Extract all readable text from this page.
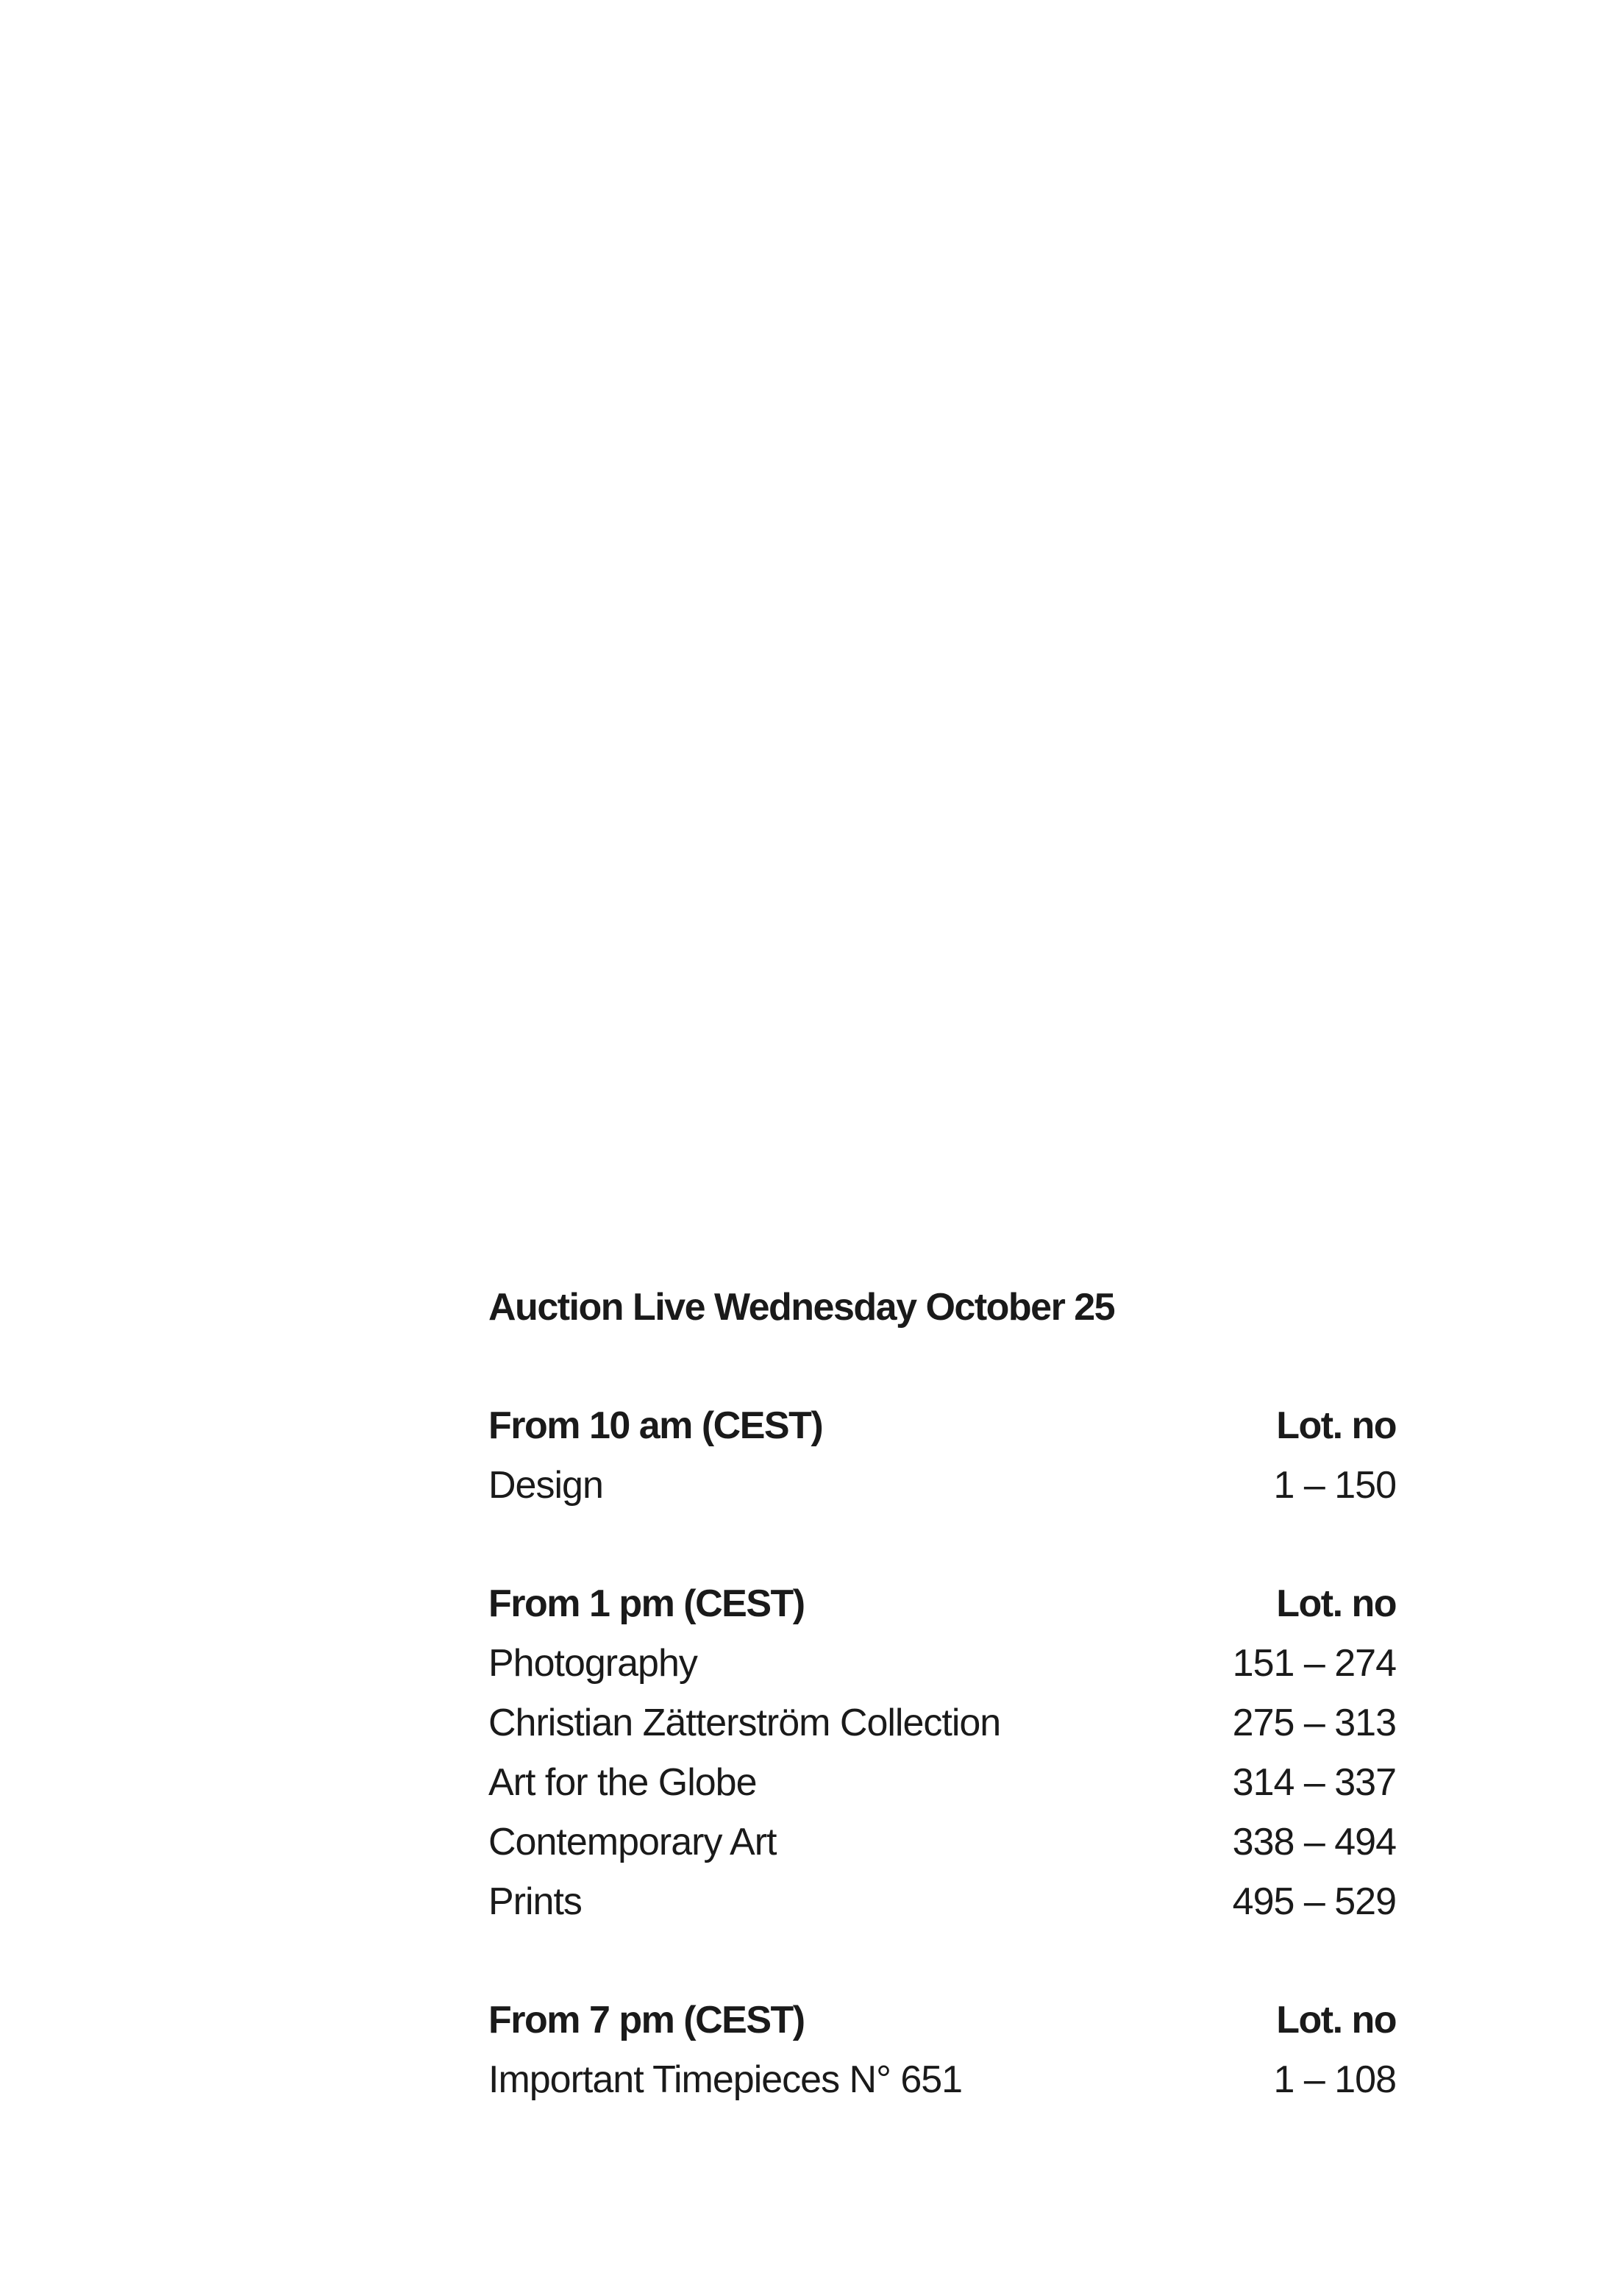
Auction Live Wednesday October 25
From 10 am (CEST)	Lot. no
Design	1 – 150
From 1 pm (CEST)	Lot. no
Photography	151 – 274
Christian Zätterström Collection	275 – 313
Art for the Globe	314 – 337
Contemporary Art	338 – 494
Prints	495 – 529
From 7 pm (CEST)	Lot. no
Important Timepieces N° 651	1 – 108
